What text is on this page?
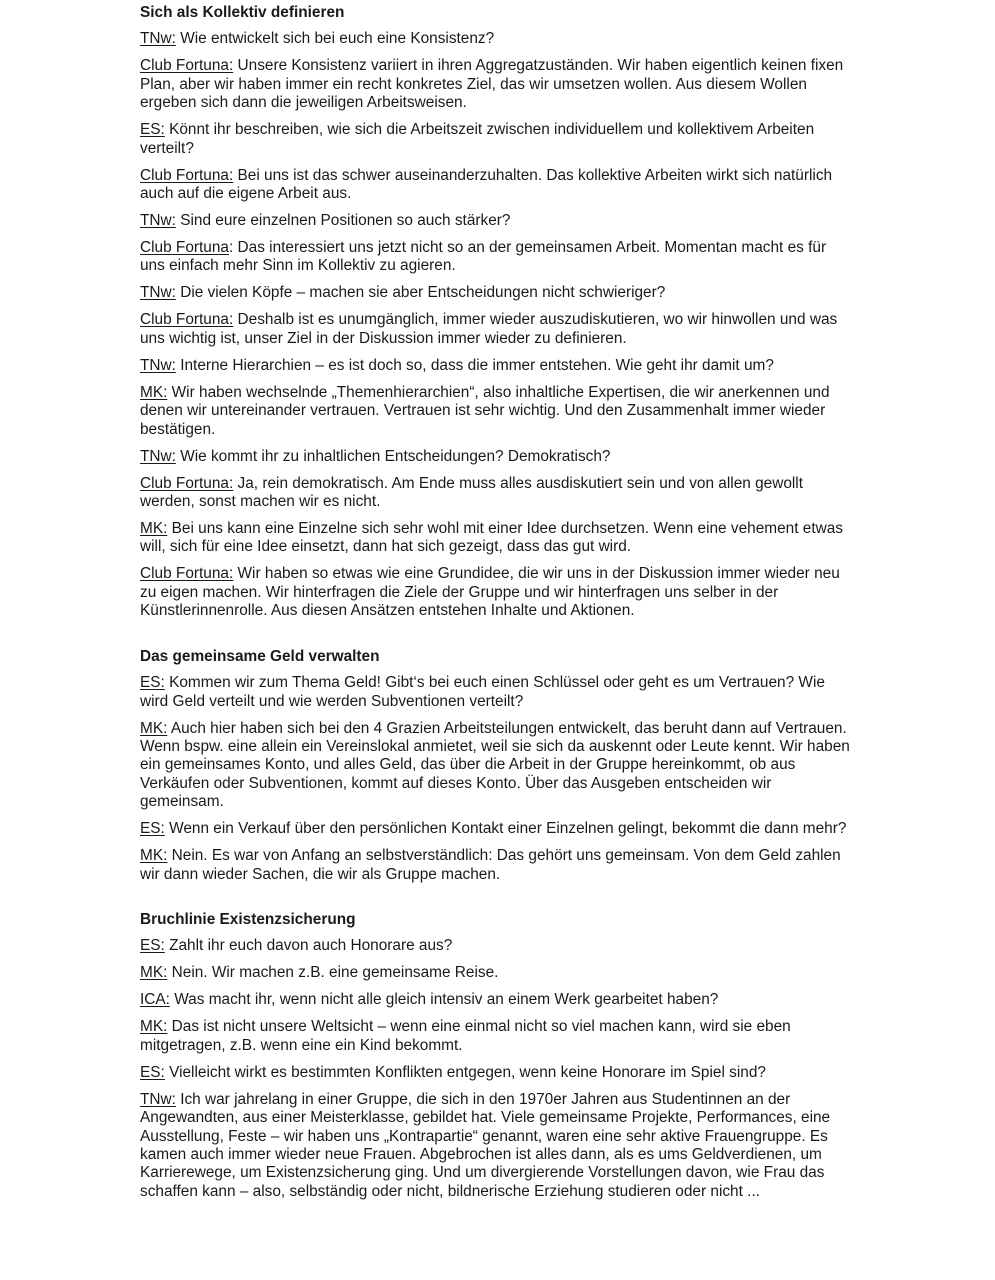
Sich als Kollektiv definieren

TNw: Wie entwickelt sich bei euch eine Konsistenz?

Club Fortuna: Unsere Konsistenz variiert in ihren Aggregatzuständen. Wir haben eigentlich keinen fixen Plan, aber wir haben immer ein recht konkretes Ziel, das wir umsetzen wollen. Aus diesem Wollen ergeben sich dann die jeweiligen Arbeitsweisen.

ES: Könnt ihr beschreiben, wie sich die Arbeitszeit zwischen individuellem und kollektivem Arbeiten verteilt?

Club Fortuna: Bei uns ist das schwer auseinanderzuhalten. Das kollektive Arbeiten wirkt sich natürlich auch auf die eigene Arbeit aus.

TNw: Sind eure einzelnen Positionen so auch stärker?

Club Fortuna: Das interessiert uns jetzt nicht so an der gemeinsamen Arbeit. Momentan macht es für uns einfach mehr Sinn im Kollektiv zu agieren.

TNw: Die vielen Köpfe – machen sie aber Entscheidungen nicht schwieriger?

Club Fortuna: Deshalb ist es unumgänglich, immer wieder auszudiskutieren, wo wir hinwollen und was uns wichtig ist, unser Ziel in der Diskussion immer wieder zu definieren.

TNw: Interne Hierarchien – es ist doch so, dass die immer entstehen. Wie geht ihr damit um?

MK: Wir haben wechselnde „Themenhierarchien“, also inhaltliche Expertisen, die wir anerkennen und denen wir untereinander vertrauen. Vertrauen ist sehr wichtig. Und den Zusammenhalt immer wieder bestätigen.

TNw: Wie kommt ihr zu inhaltlichen Entscheidungen? Demokratisch?

Club Fortuna: Ja, rein demokratisch. Am Ende muss alles ausdiskutiert sein und von allen gewollt werden, sonst machen wir es nicht.

MK: Bei uns kann eine Einzelne sich sehr wohl mit einer Idee durchsetzen. Wenn eine vehement etwas will, sich für eine Idee einsetzt, dann hat sich gezeigt, dass das gut wird.

Club Fortuna: Wir haben so etwas wie eine Grundidee, die wir uns in der Diskussion immer wieder neu zu eigen machen. Wir hinterfragen die Ziele der Gruppe und wir hinterfragen uns selber in der Künstlerinnenrolle. Aus diesen Ansätzen entstehen Inhalte und Aktionen.

Das gemeinsame Geld verwalten

ES: Kommen wir zum Thema Geld! Gibt‘s bei euch einen Schlüssel oder geht es um Vertrauen? Wie wird Geld verteilt und wie werden Subventionen verteilt?

MK: Auch hier haben sich bei den 4 Grazien Arbeitsteilungen entwickelt, das beruht dann auf Vertrauen. Wenn bspw. eine allein ein Vereinslokal anmietet, weil sie sich da auskennt oder Leute kennt. Wir haben ein gemeinsames Konto, und alles Geld, das über die Arbeit in der Gruppe hereinkommt, ob aus Verkäufen oder Subventionen, kommt auf dieses Konto. Über das Ausgeben entscheiden wir gemeinsam.

ES: Wenn ein Verkauf über den persönlichen Kontakt einer Einzelnen gelingt, bekommt die dann mehr?

MK: Nein. Es war von Anfang an selbstverständlich: Das gehört uns gemeinsam. Von dem Geld zahlen wir dann wieder Sachen, die wir als Gruppe machen.

Bruchlinie Existenzsicherung

ES: Zahlt ihr euch davon auch Honorare aus?

MK: Nein. Wir machen z.B. eine gemeinsame Reise.

ICA: Was macht ihr, wenn nicht alle gleich intensiv an einem Werk gearbeitet haben?

MK: Das ist nicht unsere Weltsicht – wenn eine einmal nicht so viel machen kann, wird sie eben mitgetragen, z.B. wenn eine ein Kind bekommt.

ES: Vielleicht wirkt es bestimmten Konflikten entgegen, wenn keine Honorare im Spiel sind?

TNw: Ich war jahrelang in einer Gruppe, die sich in den 1970er Jahren aus Studentinnen an der Angewandten, aus einer Meisterklasse, gebildet hat. Viele gemeinsame Projekte, Performances, eine Ausstellung, Feste – wir haben uns „Kontrapartie“ genannt, waren eine sehr aktive Frauengruppe. Es kamen auch immer wieder neue Frauen. Abgebrochen ist alles dann, als es ums Geldverdienen, um Karrierewege, um Existenzsicherung ging. Und um divergierende Vorstellungen davon, wie Frau das schaffen kann – also, selbständig oder nicht, bildnerische Erziehung studieren oder nicht ...
